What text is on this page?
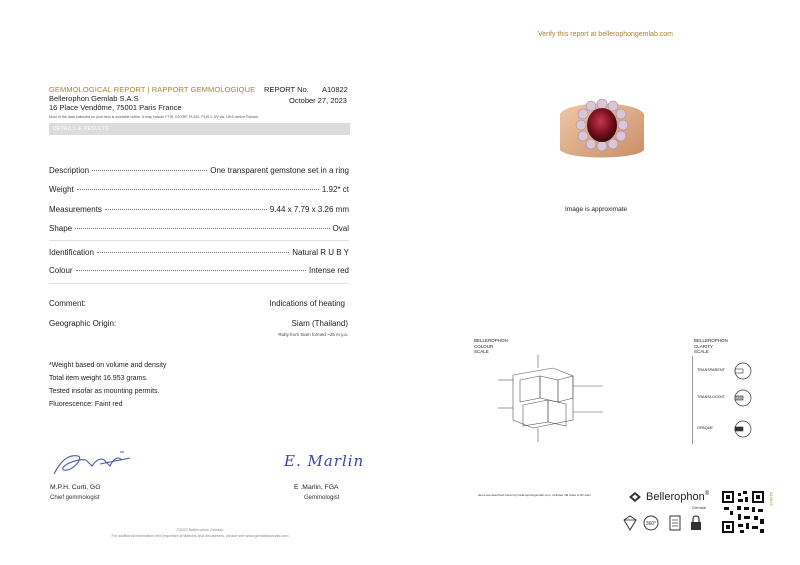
Verify this report at bellerophongemlab.com
GEMMOLOGICAL REPORT | RAPPORT GEMMOLOGIQUE
Bellerophon Gemlab S.A.S
16 Place Vendôme, 75001 Paris France
REPORT No. A10822
October 27, 2023
Most of the data collected on your item is available online. It may include FTIR, EDXRF, PL532, PL813, UV-vis, LIBS and/or Raman
DETAILS & RESULTS
Description	One transparent gemstone set in a ring
Weight	1.92* ct
Measurements	9.44 x 7.79 x 3.26 mm
Shape	Oval
Identification	Natural R U B Y
Colour	Intense red
Comment:	Indications of heating
Geographic Origin:	Siam (Thailand)
Ruby from Siam formed ~25 m.y.a.
*Weight based on volume and density
Total item weight 16.953 grams.
Tested insofar as mounting permits.
Fluorescence: Faint red
E. Marlin
M.P.H. Curti, GG
Chief gemmologist
E .Marlin, FGA
Gemmologist
©2023 Bellerophon Gemlab
For additional information and important limitations and disclaimers, please see www.gemlabtutorials.com
Image is approximate
BELLEROPHON
COLOUR
SCALE
BELLEROPHON
CLARITY
SCALE
TRANSPARENT
TRANSLUCENT
OPAQUE
Items are described herein by bellerophongemlab.com, included 4M video & 3D scan	Bellerophon®
Gemlab
A10822
360°
